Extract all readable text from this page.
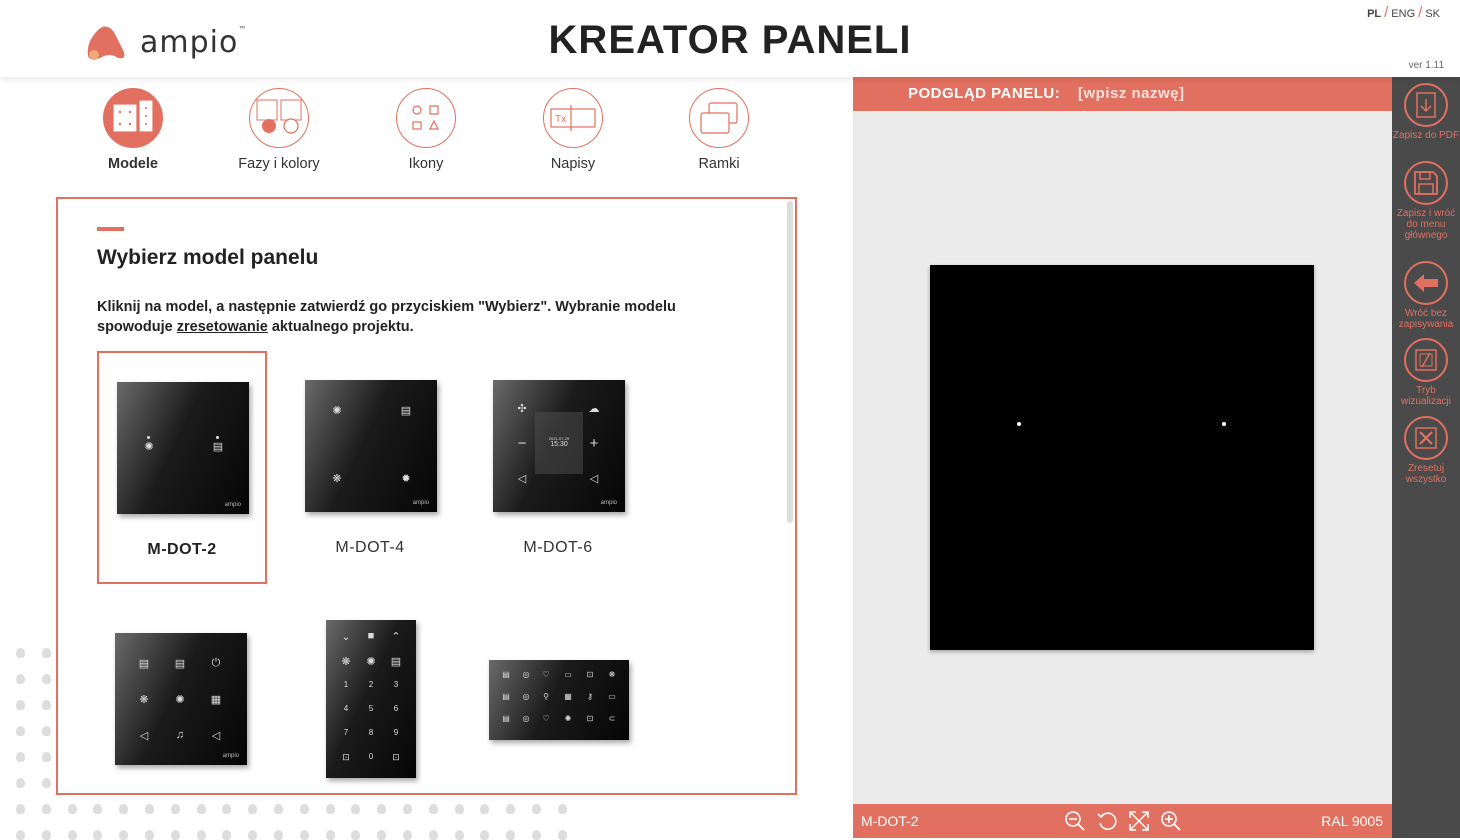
ampio™	KREATOR PANELI
PL / ENG / SK
ver 1.11
Modele	Fazy i kolory	Ikony
Tx
Napisy	Ramki
Wybierz model panelu
Kliknij na model, a następnie zatwierdź go przyciskiem "Wybierz". Wybranie modelu spowoduje zresetowanie aktualnego projektu.
✺	▤
ampio
M-DOT-2
✺	▤
❋	✹
ampio
M-DOT-4
✣	☁
−	+
◁	◁
2021-07-29
15:30
ampio
M-DOT-6
▤ ▤ ⏻
❋ ✺ ▦
◁	♫	◁
ampio
⌄	■	⌃
❋ ✺ ▤
1	2	3
4	5	6
7	8	9
⊡	0	⊡
▤	◎	♡	▭	⊡	❋
▤	◎	⚲	▦	⚷	▭
▤	◎	♡	✺	⊡	⊂
PODGLĄD PANELU: [wpisz nazwę]
M-DOT-2	RAL 9005
Zapisz do PDF
Zapisz i wróć do menu głównego
Wróć bez zapisywania
Tryb wizualizacji
Zresetuj wszystko
